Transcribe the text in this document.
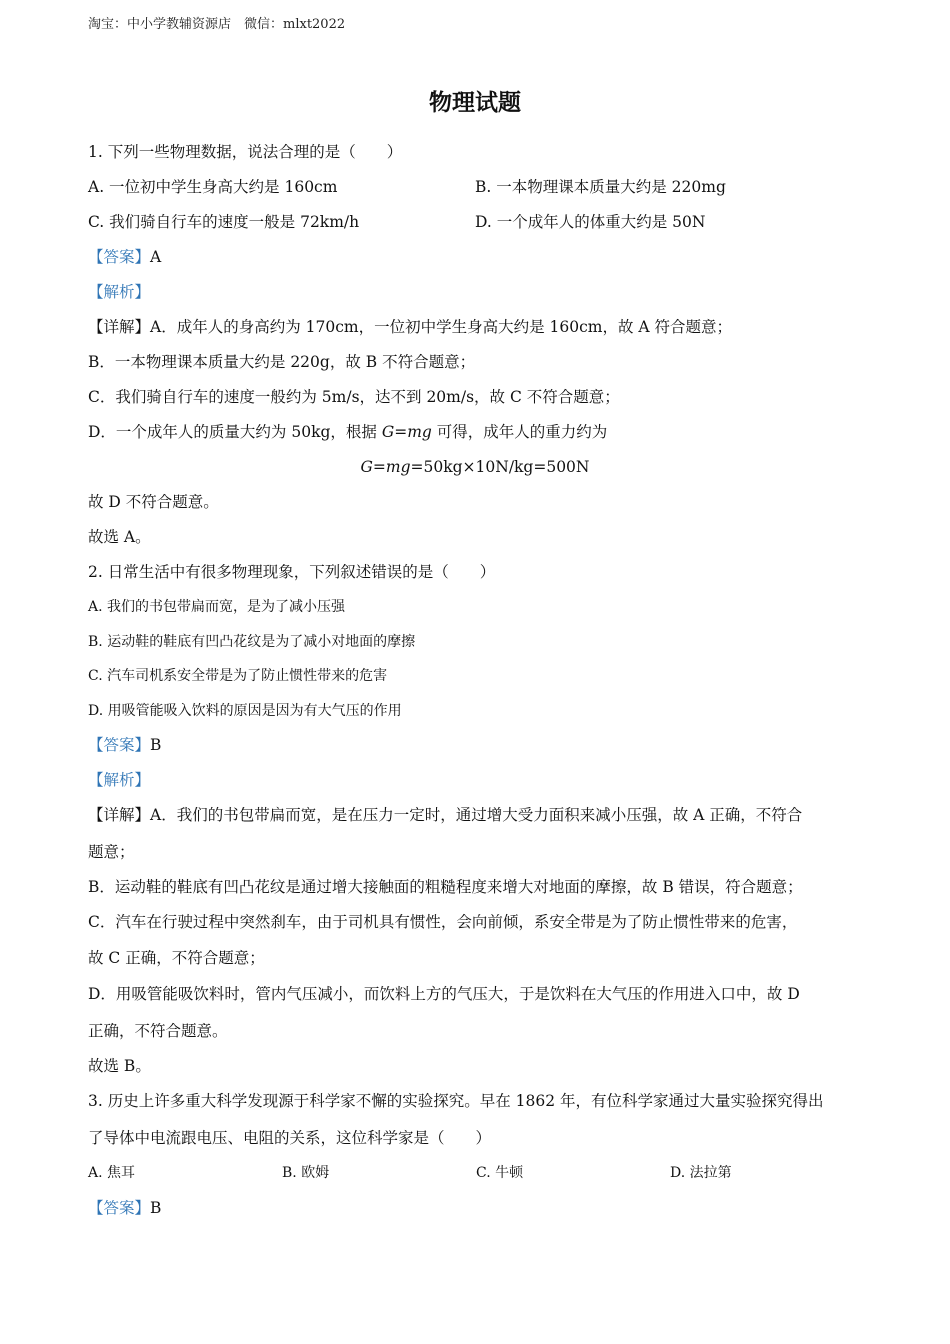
淘宝：中小学教辅资源店　微信：mlxt2022
物理试题
1. 下列一些物理数据，说法合理的是（　　）
A. 一位初中学生身高大约是 160cm	B. 一本物理课本质量大约是 220mg
C. 我们骑自行车的速度一般是 72km/h	D. 一个成年人的体重大约是 50N
【答案】A
【解析】
【详解】A．成年人的身高约为 170cm，一位初中学生身高大约是 160cm，故 A 符合题意；
B．一本物理课本质量大约是 220g，故 B 不符合题意；
C．我们骑自行车的速度一般约为 5m/s，达不到 20m/s，故 C 不符合题意；
D．一个成年人的质量大约为 50kg，根据 G=mg 可得，成年人的重力约为
G=mg=50kg×10N/kg=500N
故 D 不符合题意。
故选 A。
2. 日常生活中有很多物理现象，下列叙述错误的是（　　）
A. 我们的书包带扁而宽，是为了减小压强
B. 运动鞋的鞋底有凹凸花纹是为了减小对地面的摩擦
C. 汽车司机系安全带是为了防止惯性带来的危害
D. 用吸管能吸入饮料的原因是因为有大气压的作用
【答案】B
【解析】
【详解】A．我们的书包带扁而宽，是在压力一定时，通过增大受力面积来减小压强，故 A 正确，不符合
题意；
B．运动鞋的鞋底有凹凸花纹是通过增大接触面的粗糙程度来增大对地面的摩擦，故 B 错误，符合题意；
C．汽车在行驶过程中突然刹车，由于司机具有惯性，会向前倾，系安全带是为了防止惯性带来的危害，
故 C 正确，不符合题意；
D．用吸管能吸饮料时，管内气压减小，而饮料上方的气压大，于是饮料在大气压的作用进入口中，故 D
正确，不符合题意。
故选 B。
3. 历史上许多重大科学发现源于科学家不懈的实验探究。早在 1862 年，有位科学家通过大量实验探究得出
了导体中电流跟电压、电阻的关系，这位科学家是（　　）
A. 焦耳	B. 欧姆	C. 牛顿	D. 法拉第
【答案】B
